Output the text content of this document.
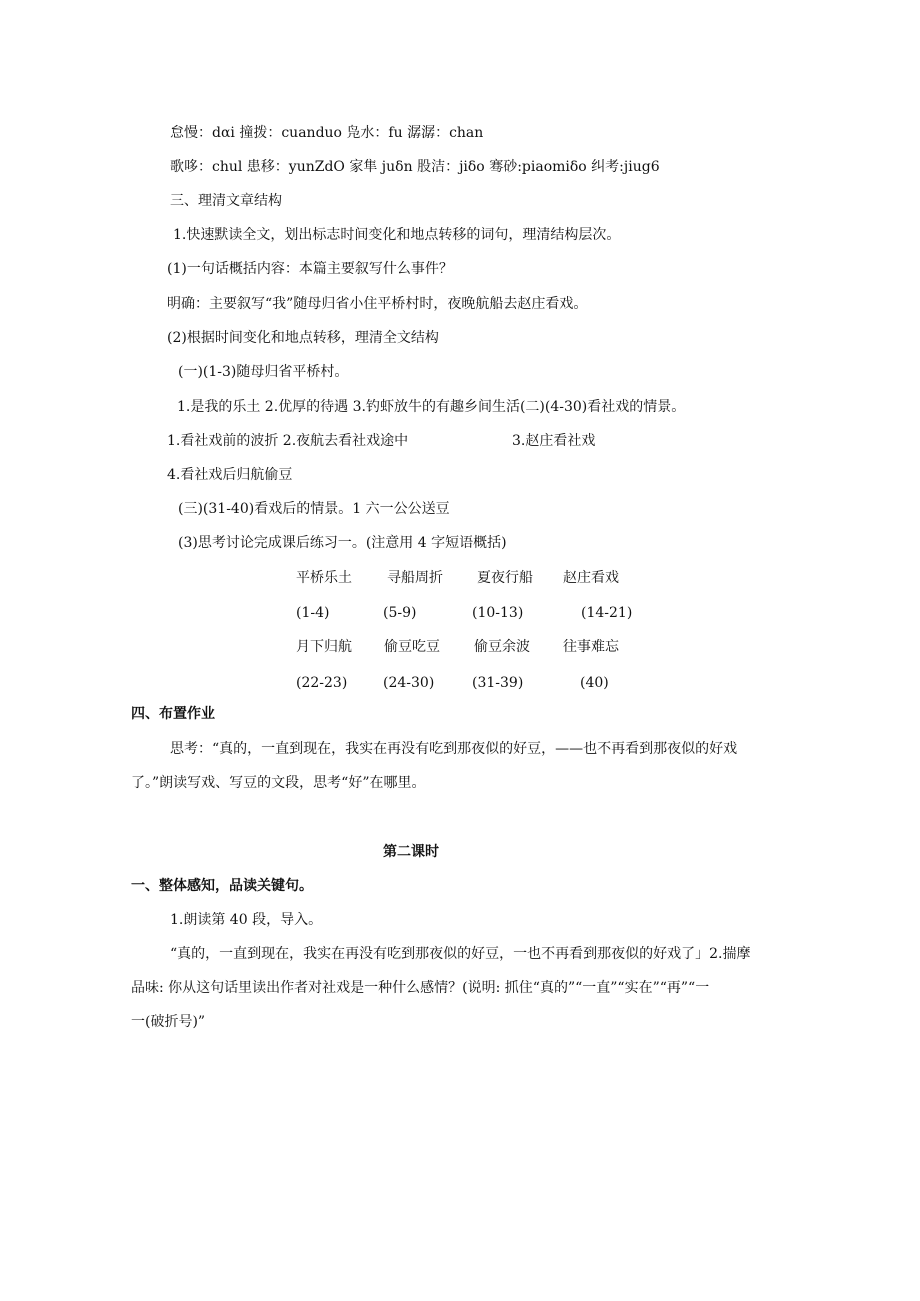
怠慢：dαi 撞拨：cuanduo 凫水：fu 潺潺：chan
歌哆：chul 患移：yunZdO 家隼 juδn 股洁：jiδo 骞砂:piaomiδo 纠考:jiug6
三、理清文章结构
1.快速默读全文，划出标志时间变化和地点转移的词句，理清结构层次。
(1)一句话概括内容：本篇主要叙写什么事件？
明确：主要叙写“我”随母归省小住平桥村时，夜晚航船去赵庄看戏。
(2)根据时间变化和地点转移，理清全文结构
(一)(1-3)随母归省平桥村。
1.是我的乐土 2.优厚的待遇 3.钓虾放牛的有趣乡间生活(二)(4-30)看社戏的情景。
1.看社戏前的波折 2.夜航去看社戏途中	3.赵庄看社戏
4.看社戏后归航偷豆
(三)(31-40)看戏后的情景。1 六一公公送豆
(3)思考讨论完成课后练习一。(注意用 4 字短语概括)
平桥乐土	寻船周折 夏夜行船 赵庄看戏
(1-4)	(5-9)	(10-13)	(14-21)
月下归航 偷豆吃豆 偷豆余波 往事难忘
(22-23)	(24-30)	(31-39)	(40)
四、布置作业
思考：“真的，一直到现在，我实在再没有吃到那夜似的好豆，——也不再看到那夜似的好戏
了。”朗读写戏、写豆的文段，思考“好”在哪里。
第二课时
一、整体感知，品读关键句。
1.朗读第 40 段，导入。
“真的，一直到现在，我实在再没有吃到那夜似的好豆，一也不再看到那夜似的好戏了」2.揣摩
品味: 你从这句话里读出作者对社戏是一种什么感情？(说明: 抓住“真的”“一直”“实在”“再”“一
一(破折号)”
